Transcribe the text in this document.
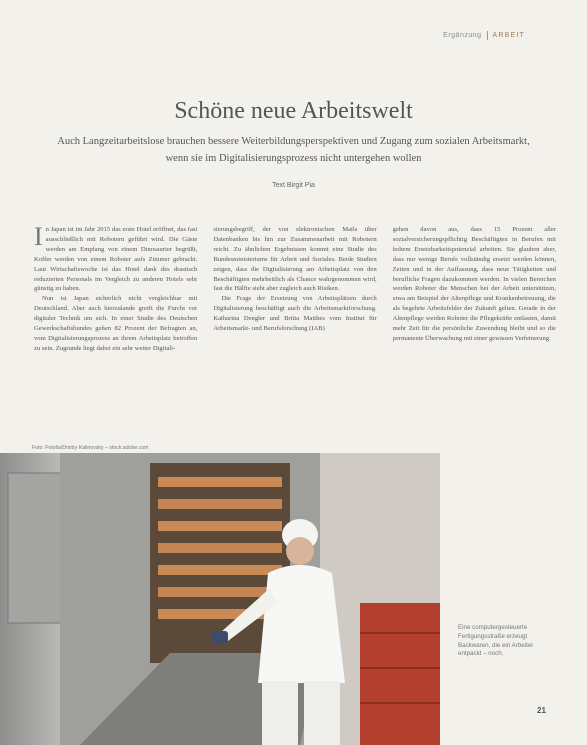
Ergänzung ARBEIT
Schöne neue Arbeitswelt

Auch Langzeitarbeitslose brauchen bessere Weiterbildungsperspektiven und Zugang zum sozialen Arbeitsmarkt, wenn sie im Digitalisierungsprozess nicht untergehen wollen

Text Birgit Pia

In Japan ist im Jahr 2015 das erste Hotel eröffnet, das fast ausschließlich mit Robotern geführt wird. Die Gäste werden am Empfang von einem Dinosaurier begrüßt, Koffer werden von einem Roboter aufs Zimmer gebracht. Laut Wirtschaftswoche ist das Hotel dank des drastisch reduzierten Personals im Vergleich zu anderen Hotels sehr günstig zu haben.

Nun ist Japan sicherlich nicht vergleichbar mit Deutschland. Aber auch hierzulande greift die Furcht vor digitaler Technik um sich. In einer Studie des Deutschen Gewerkschaftsbundes gehen 82 Prozent der Befragten an, vom Digitalisierungsprozess an ihrem Arbeitsplatz betroffen zu sein. Zugrunde liegt dabei ein sehr weiter Digitali-

sierungsbegriff, der von elektronischen Mails über Datenbanken bis hin zur Zusammenarbeit mit Robotern reicht. Zu ähnlichen Ergebnissen kommt eine Studie des Bundesministeriums für Arbeit und Soziales. Beide Studien zeigen, dass die Digitalisierung am Arbeitsplatz von den Beschäftigten mehrheitlich als Chance wahrgenommen wird, fast die Hälfte sieht aber zugleich auch Risiken.

Die Frage der Ersetzung von Arbeitsplätzen durch Digitalisierung beschäftigt auch die Arbeitsmarktforschung. Katharina Dengler und Britta Matthes vom Institut für Arbeitsmarkt- und Berufsforschung (IAB)

gehen davon aus, dass 15 Prozent aller sozialversicherungspflichtig Beschäftigten in Berufen mit hohem Ersetzbarkeitspotenzial arbeiten. Sie glauben aber, dass nur wenige Berufe vollständig ersetzt werden können, Zeiten und in der Auffassung, dass neue Tätigkeiten und berufliche Fragen dazukommen werden. In vielen Bereichen werden Roboter die Menschen bei der Arbeit unterstützen, etwa am Beispiel der Altenpflege und Krankenbetreuung, die als begehrte Arbeitsfelder der Zukunft gelten. Gerade in der Altenpflege werden Roboter die Pflegekräfte entlasten, damit mehr Zeit für die persönliche Zuwendung bleibt und so die permanente Überwachung mit einer gewissen Verfeinerung

Foto: Fotolia/Dmitry Kalinovsky – stock.adobe.com
Eine computergesteuerte Fertigungsstraße erzeugt Backwaren, die ein Arbeiter entpackt – noch.
21
